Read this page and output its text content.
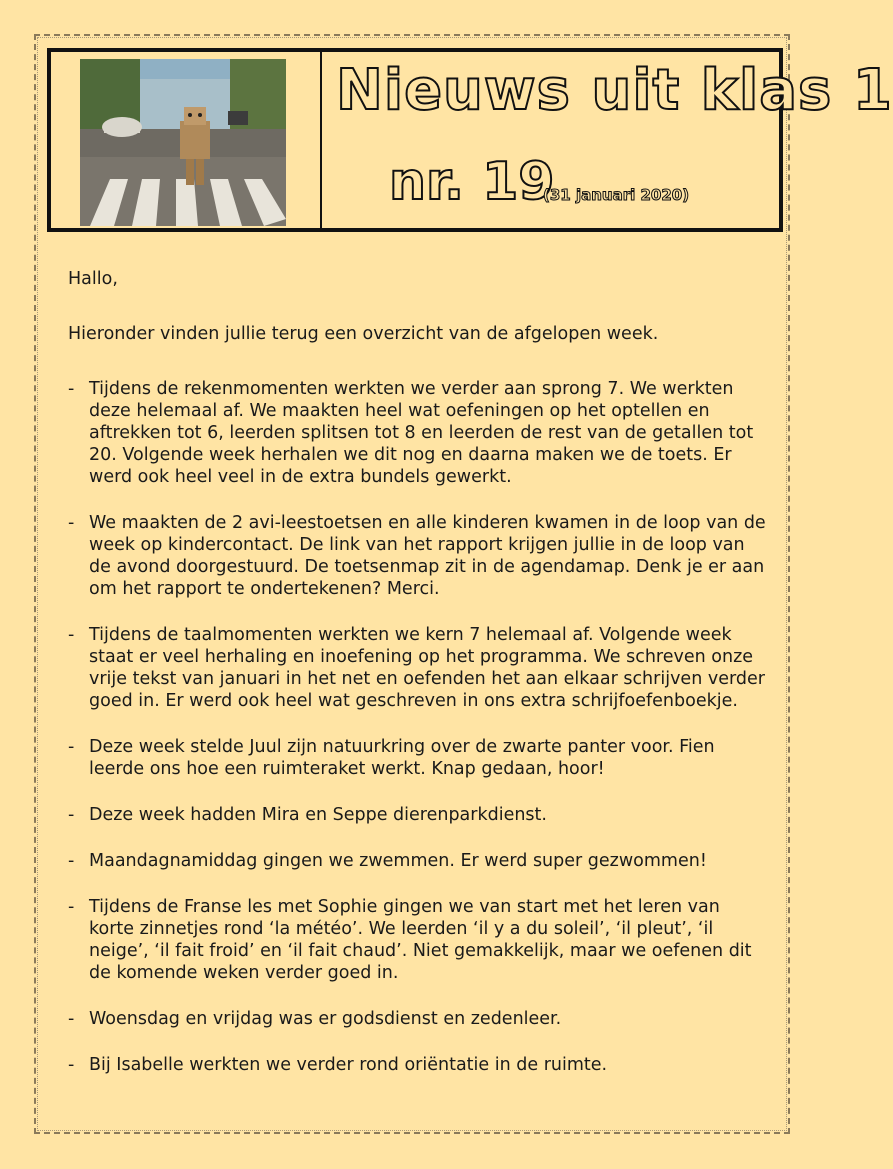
Nieuws uit klas 1
nr. 19
(31 januari 2020)

Hallo,

Hieronder vinden jullie terug een overzicht van de afgelopen week.

- Tijdens de rekenmomenten werkten we verder aan sprong 7. We werkten deze helemaal af. We maakten heel wat oefeningen op het optellen en aftrekken tot 6, leerden splitsen tot 8 en leerden de rest van de getallen tot 20. Volgende week herhalen we dit nog en daarna maken we de toets. Er werd ook heel veel in de extra bundels gewerkt.
- We maakten de 2 avi-leestoetsen en alle kinderen kwamen in de loop van de week op kindercontact. De link van het rapport krijgen jullie in de loop van de avond doorgestuurd. De toetsenmap zit in de agendamap. Denk je er aan om het rapport te ondertekenen? Merci.
- Tijdens de taalmomenten werkten we kern 7 helemaal af. Volgende week staat er veel herhaling en inoefening op het programma. We schreven onze vrije tekst van januari in het net en oefenden het aan elkaar schrijven verder goed in. Er werd ook heel wat geschreven in ons extra schrijfoefenboekje.
- Deze week stelde Juul zijn natuurkring over de zwarte panter voor. Fien leerde ons hoe een ruimteraket werkt. Knap gedaan, hoor!
- Deze week hadden Mira en Seppe dierenparkdienst.
- Maandagnamiddag gingen we zwemmen. Er werd super gezwommen!
- Tijdens de Franse les met Sophie gingen we van start met het leren van korte zinnetjes rond ‘la météo’. We leerden ‘il y a du soleil’, ‘il pleut’, ‘il neige’, ‘il fait froid’ en ‘il fait chaud’. Niet gemakkelijk, maar we oefenen dit de komende weken verder goed in.
- Woensdag en vrijdag was er godsdienst en zedenleer.
- Bij Isabelle werkten we verder rond oriëntatie in de ruimte.
